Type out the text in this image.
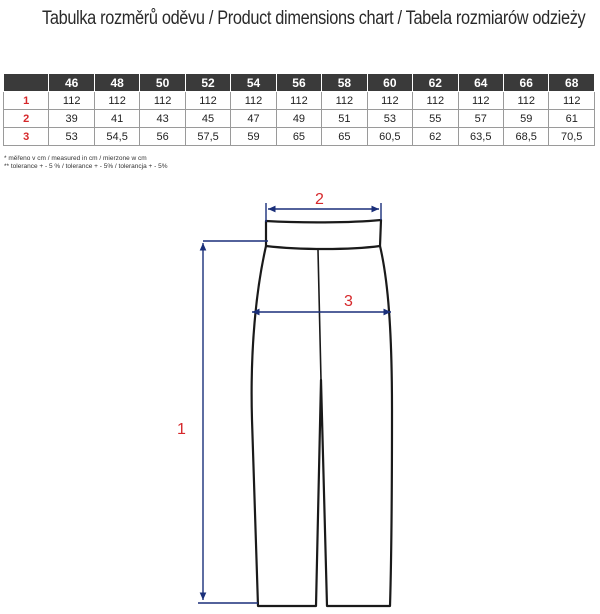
Tabulka rozměrů oděvu / Product dimensions chart / Tabela rozmiarów odzieży
	46	48	50	52	54	56	58	60	62	64	66	68
1	112	112	112	112	112	112	112	112	112	112	112	112
2	39	41	43	45	47	49	51	53	55	57	59	61
3	53	54,5	56	57,5	59	65	65	60,5	62	63,5	68,5	70,5
* měřeno v cm / measured in cm / mierzone w cm
** tolerance + - 5 % / tolerance + - 5% / tolerancja + - 5%
1
2
3
